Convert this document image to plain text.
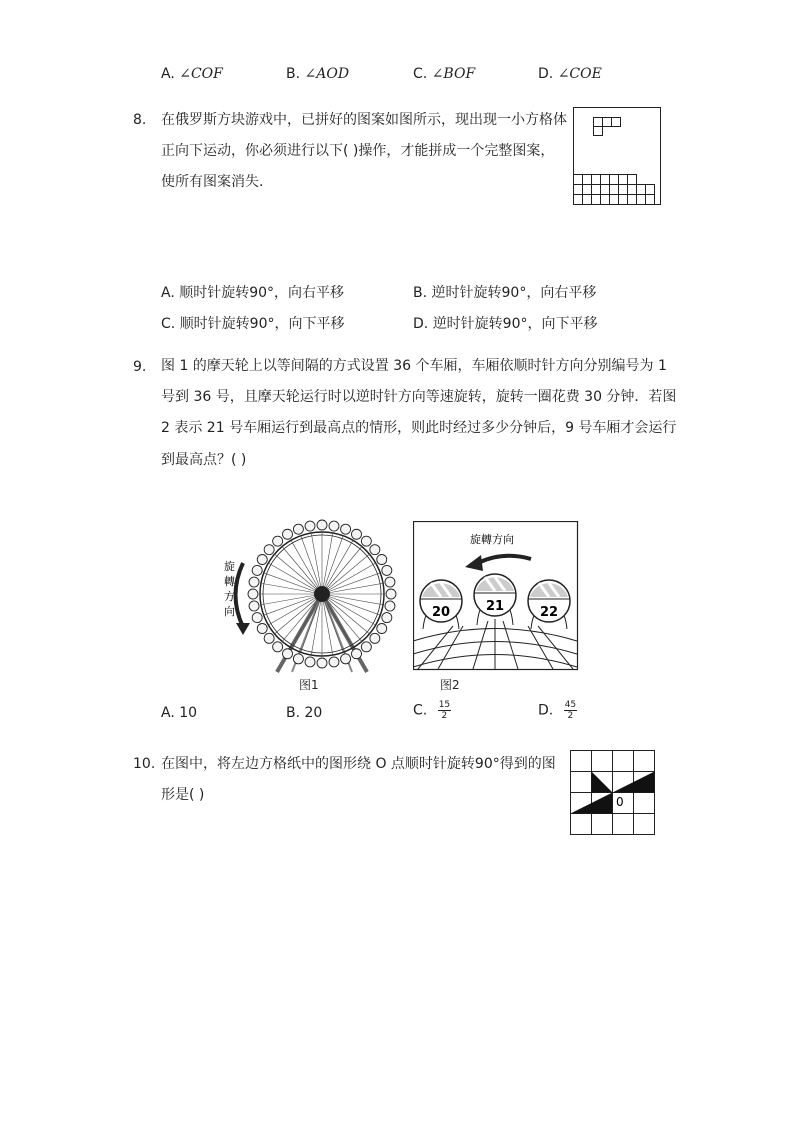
A. ∠COF	B. ∠AOD	C. ∠BOF	D. ∠COE
8. 在俄罗斯方块游戏中，已拼好的图案如图所示，现出现一小方格体
正向下运动，你必须进行以下( )操作，才能拼成一个完整图案，
使所有图案消失.
A. 顺时针旋转90°，向右平移	B. 逆时针旋转90°，向右平移
C. 顺时针旋转90°，向下平移	D. 逆时针旋转90°，向下平移
9. 图 1 的摩天轮上以等间隔的方式设置 36 个车厢，车厢依顺时针方向分别编号为 1
号到 36 号，且摩天轮运行时以逆时针方向等速旋转，旋转一圈花费 30 分钟．若图
2 表示 21 号车厢运行到最高点的情形，则此时经过多少分钟后，9 号车厢才会运行
到最高点？( )
旋
轉
方
向
图1
旋轉方向
20	21	22
图2
A. 10	B. 20	C. $\frac{15}{2}$	D. $\frac{45}{2}$
10. 在图中，将左边方格纸中的图形绕 O 点顺时针旋转90°得到的图
形是( )	0
